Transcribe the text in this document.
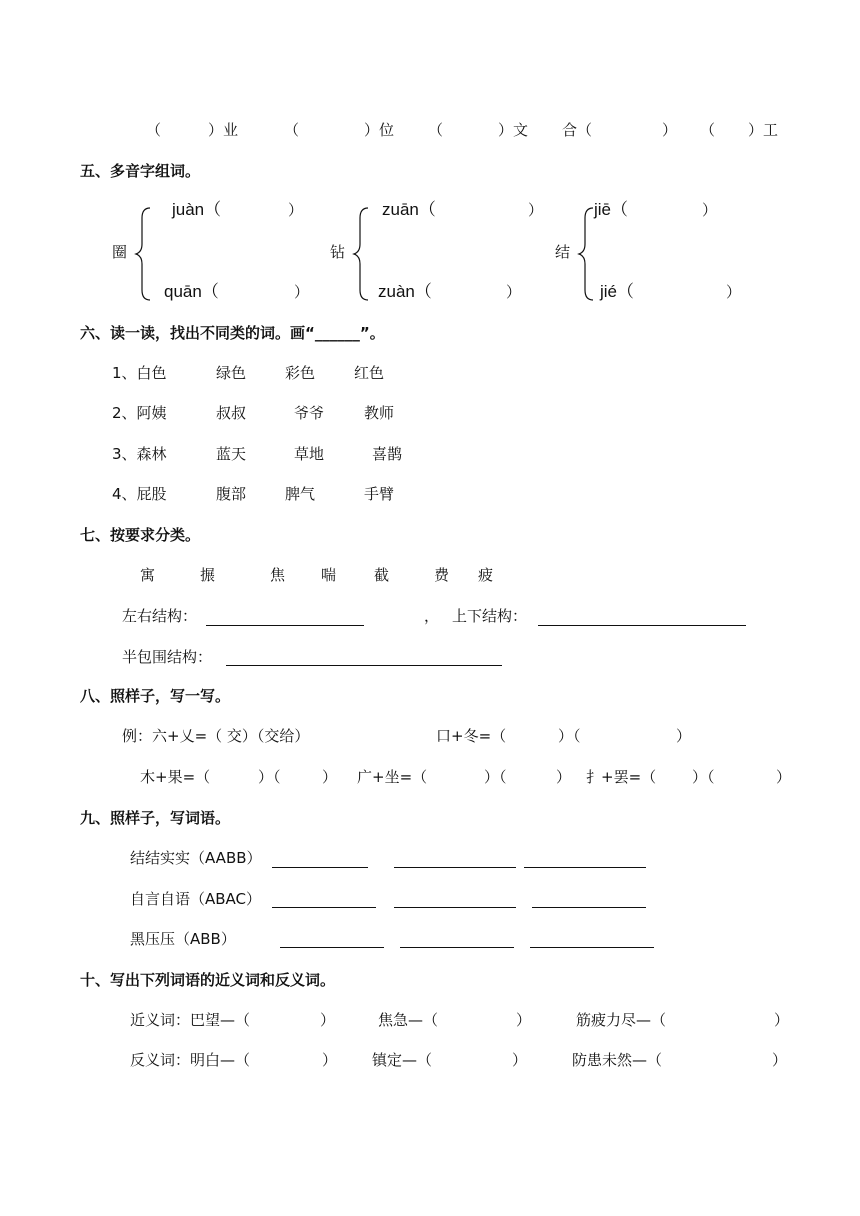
（	）业	（	）位 （	）文 合（	） （ ）工
五、多音字组词。
圈
juàn（	）
quān（	）
钻
zuān（	）
zuàn（	）
结
jiē（	）
jié（	）
六、读一读，找出不同类的词。画“______”。
1、白色	绿色	彩色	红色
2、阿姨	叔叔	爷爷	教师
3、森林	蓝天	草地	喜鹊
4、屁股	腹部	脾气	手臂
七、按要求分类。
寓	搌	焦 喘	截	费 疲
左右结构：	， 上下结构：
半包围结构：
八、照样子，写一写。
例：六+乂=（ 交）（交给）	口+冬=（	）（	）
木+果=（	）（	） 广+坐=（	）（	） 扌+罢=（ ）（	）
九、照样子，写词语。
结结实实（AABB）
自言自语（ABAC）
黑压压（ABB）
十、写出下列词语的近义词和反义词。
近义词：巴望—（	）	焦急—（	）	筋疲力尽—（	）
反义词：明白—（	） 镇定—（	）	防患未然—（	）
